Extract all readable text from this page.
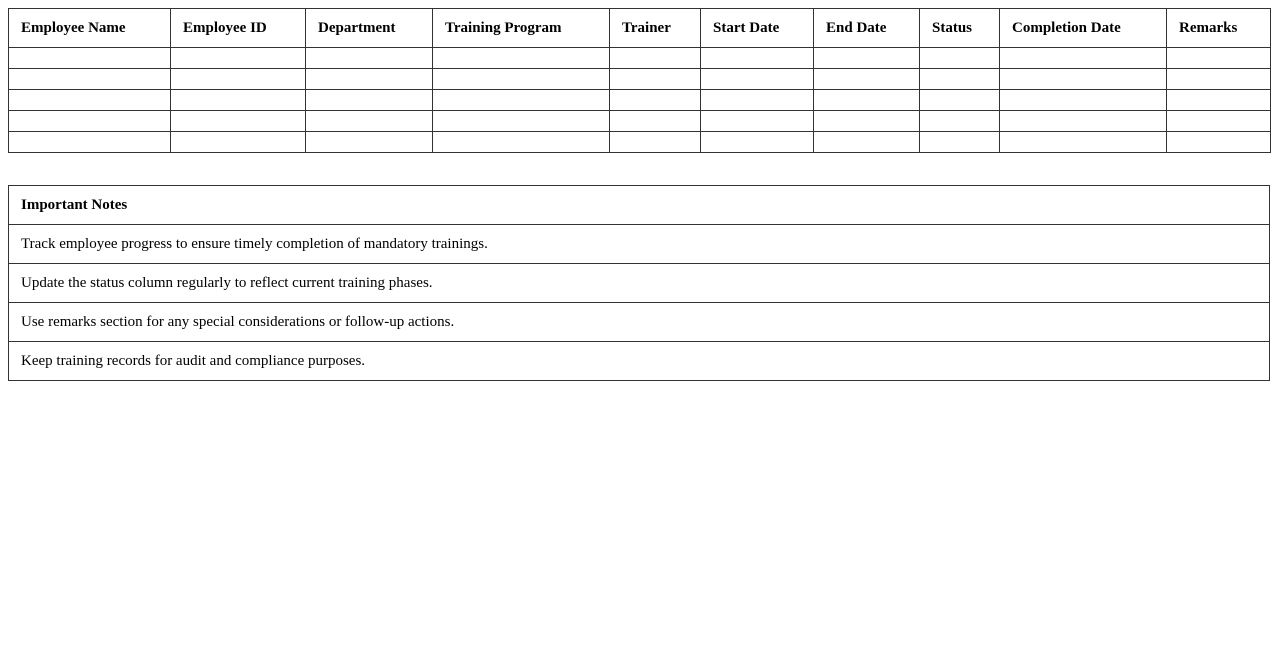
Employee Name	Employee ID	Department	Training Program	Trainer	Start Date	End Date	Status	Completion Date	Remarks

Important Notes
Track employee progress to ensure timely completion of mandatory trainings.
Update the status column regularly to reflect current training phases.
Use remarks section for any special considerations or follow-up actions.
Keep training records for audit and compliance purposes.
